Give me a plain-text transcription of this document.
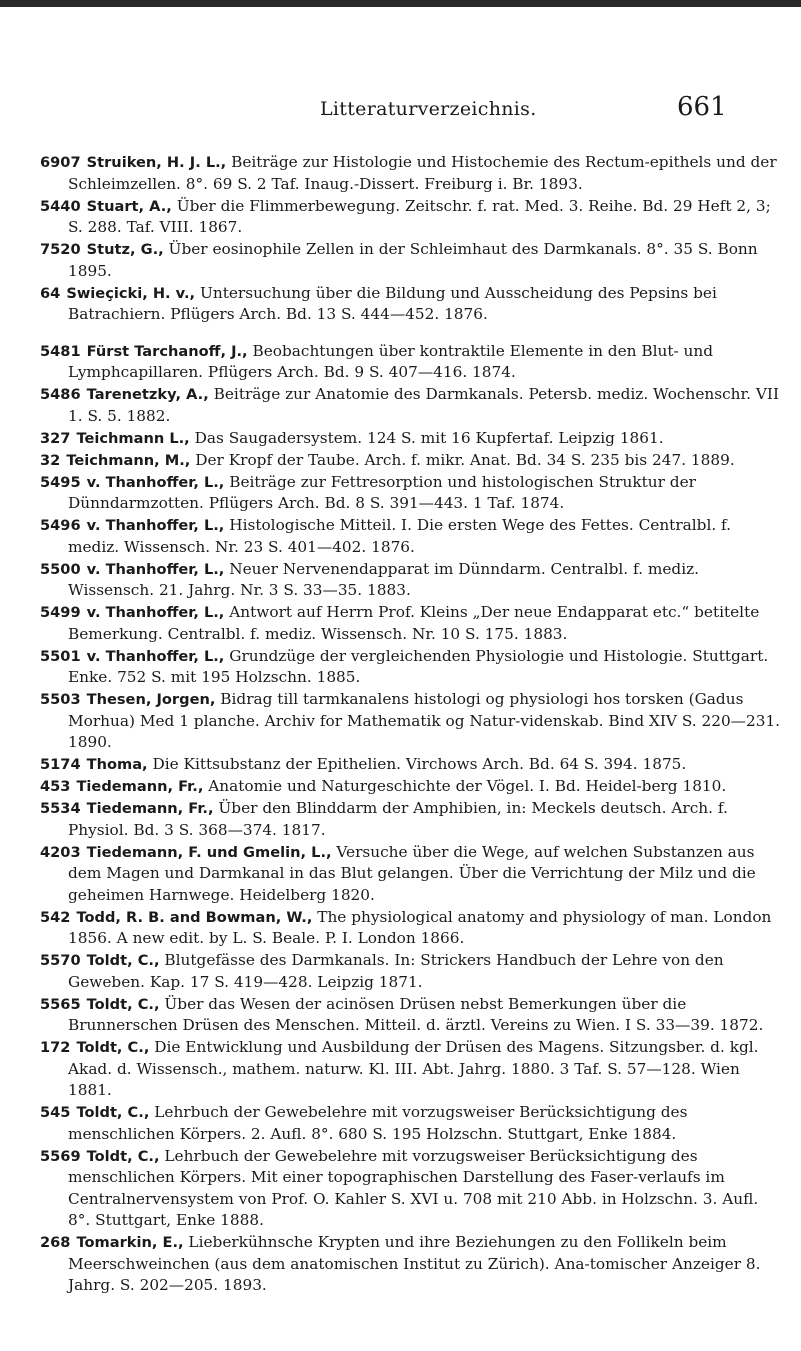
Litteraturverzeichnis.	661

6907 Struiken, H. J. L., Beiträge zur Histologie und Histochemie des Rectum-epithels und der Schleimzellen. 8°. 69 S. 2 Taf. Inaug.-Dissert. Freiburg i. Br. 1893.

5440 Stuart, A., Über die Flimmerbewegung. Zeitschr. f. rat. Med. 3. Reihe. Bd. 29 Heft 2, 3; S. 288. Taf. VIII. 1867.

7520 Stutz, G., Über eosinophile Zellen in der Schleimhaut des Darmkanals. 8°. 35 S. Bonn 1895.

64 Swieçicki, H. v., Untersuchung über die Bildung und Ausscheidung des Pepsins bei Batrachiern. Pflügers Arch. Bd. 13 S. 444—452. 1876.

5481 Fürst Tarchanoff, J., Beobachtungen über kontraktile Elemente in den Blut- und Lymphcapillaren. Pflügers Arch. Bd. 9 S. 407—416. 1874.

5486 Tarenetzky, A., Beiträge zur Anatomie des Darmkanals. Petersb. mediz. Wochenschr. VII 1. S. 5. 1882.

327 Teichmann L., Das Saugadersystem. 124 S. mit 16 Kupfertaf. Leipzig 1861.

32 Teichmann, M., Der Kropf der Taube. Arch. f. mikr. Anat. Bd. 34 S. 235 bis 247. 1889.

5495 v. Thanhoffer, L., Beiträge zur Fettresorption und histologischen Struktur der Dünndarmzotten. Pflügers Arch. Bd. 8 S. 391—443. 1 Taf. 1874.

5496 v. Thanhoffer, L., Histologische Mitteil. I. Die ersten Wege des Fettes. Centralbl. f. mediz. Wissensch. Nr. 23 S. 401—402. 1876.

5500 v. Thanhoffer, L., Neuer Nervenendapparat im Dünndarm. Centralbl. f. mediz. Wissensch. 21. Jahrg. Nr. 3 S. 33—35. 1883.

5499 v. Thanhoffer, L., Antwort auf Herrn Prof. Kleins „Der neue Endapparat etc.“ betitelte Bemerkung. Centralbl. f. mediz. Wissensch. Nr. 10 S. 175. 1883.

5501 v. Thanhoffer, L., Grundzüge der vergleichenden Physiologie und Histologie. Stuttgart. Enke. 752 S. mit 195 Holzschn. 1885.

5503 Thesen, Jorgen, Bidrag till tarmkanalens histologi og physiologi hos torsken (Gadus Morhua) Med 1 planche. Archiv for Mathematik og Natur-videnskab. Bind XIV S. 220—231. 1890.

5174 Thoma, Die Kittsubstanz der Epithelien. Virchows Arch. Bd. 64 S. 394. 1875.

453 Tiedemann, Fr., Anatomie und Naturgeschichte der Vögel. I. Bd. Heidel-berg 1810.

5534 Tiedemann, Fr., Über den Blinddarm der Amphibien, in: Meckels deutsch. Arch. f. Physiol. Bd. 3 S. 368—374. 1817.

4203 Tiedemann, F. und Gmelin, L., Versuche über die Wege, auf welchen Substanzen aus dem Magen und Darmkanal in das Blut gelangen. Über die Verrichtung der Milz und die geheimen Harnwege. Heidelberg 1820.

542 Todd, R. B. and Bowman, W., The physiological anatomy and physiology of man. London 1856. A new edit. by L. S. Beale. P. I. London 1866.

5570 Toldt, C., Blutgefässe des Darmkanals. In: Strickers Handbuch der Lehre von den Geweben. Kap. 17 S. 419—428. Leipzig 1871.

5565 Toldt, C., Über das Wesen der acinösen Drüsen nebst Bemerkungen über die Brunnerschen Drüsen des Menschen. Mitteil. d. ärztl. Vereins zu Wien. I S. 33—39. 1872.

172 Toldt, C., Die Entwicklung und Ausbildung der Drüsen des Magens. Sitzungsber. d. kgl. Akad. d. Wissensch., mathem. naturw. Kl. III. Abt. Jahrg. 1880. 3 Taf. S. 57—128. Wien 1881.

545 Toldt, C., Lehrbuch der Gewebelehre mit vorzugsweiser Berücksichtigung des menschlichen Körpers. 2. Aufl. 8°. 680 S. 195 Holzschn. Stuttgart, Enke 1884.

5569 Toldt, C., Lehrbuch der Gewebelehre mit vorzugsweiser Berücksichtigung des menschlichen Körpers. Mit einer topographischen Darstellung des Faser-verlaufs im Centralnervensystem von Prof. O. Kahler S. XVI u. 708 mit 210 Abb. in Holzschn. 3. Aufl. 8°. Stuttgart, Enke 1888.

268 Tomarkin, E., Lieberkühnsche Krypten und ihre Beziehungen zu den Follikeln beim Meerschweinchen (aus dem anatomischen Institut zu Zürich). Ana-tomischer Anzeiger 8. Jahrg. S. 202—205. 1893.
